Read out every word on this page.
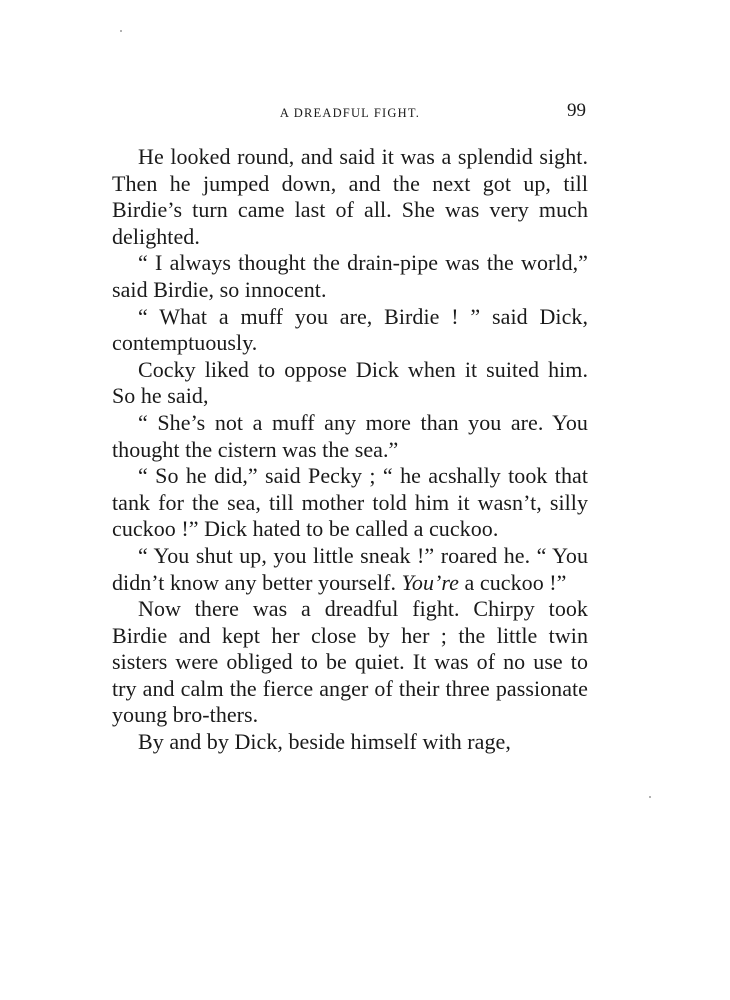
A DREADFUL FIGHT.	99

He looked round, and said it was a splendid sight. Then he jumped down, and the next got up, till Birdie’s turn came last of all. She was very much delighted.

“ I always thought the drain-pipe was the world,” said Birdie, so innocent.

“ What a muff you are, Birdie ! ” said Dick, contemptuously.

Cocky liked to oppose Dick when it suited him. So he said,

“ She’s not a muff any more than you are. You thought the cistern was the sea.”

“ So he did,” said Pecky ; “ he acshally took that tank for the sea, till mother told him it wasn’t, silly cuckoo !” Dick hated to be called a cuckoo.

“ You shut up, you little sneak !” roared he. “ You didn’t know any better yourself. You’re a cuckoo !”

Now there was a dreadful fight. Chirpy took Birdie and kept her close by her ; the little twin sisters were obliged to be quiet. It was of no use to try and calm the fierce anger of their three passionate young bro-thers.

By and by Dick, beside himself with rage,
